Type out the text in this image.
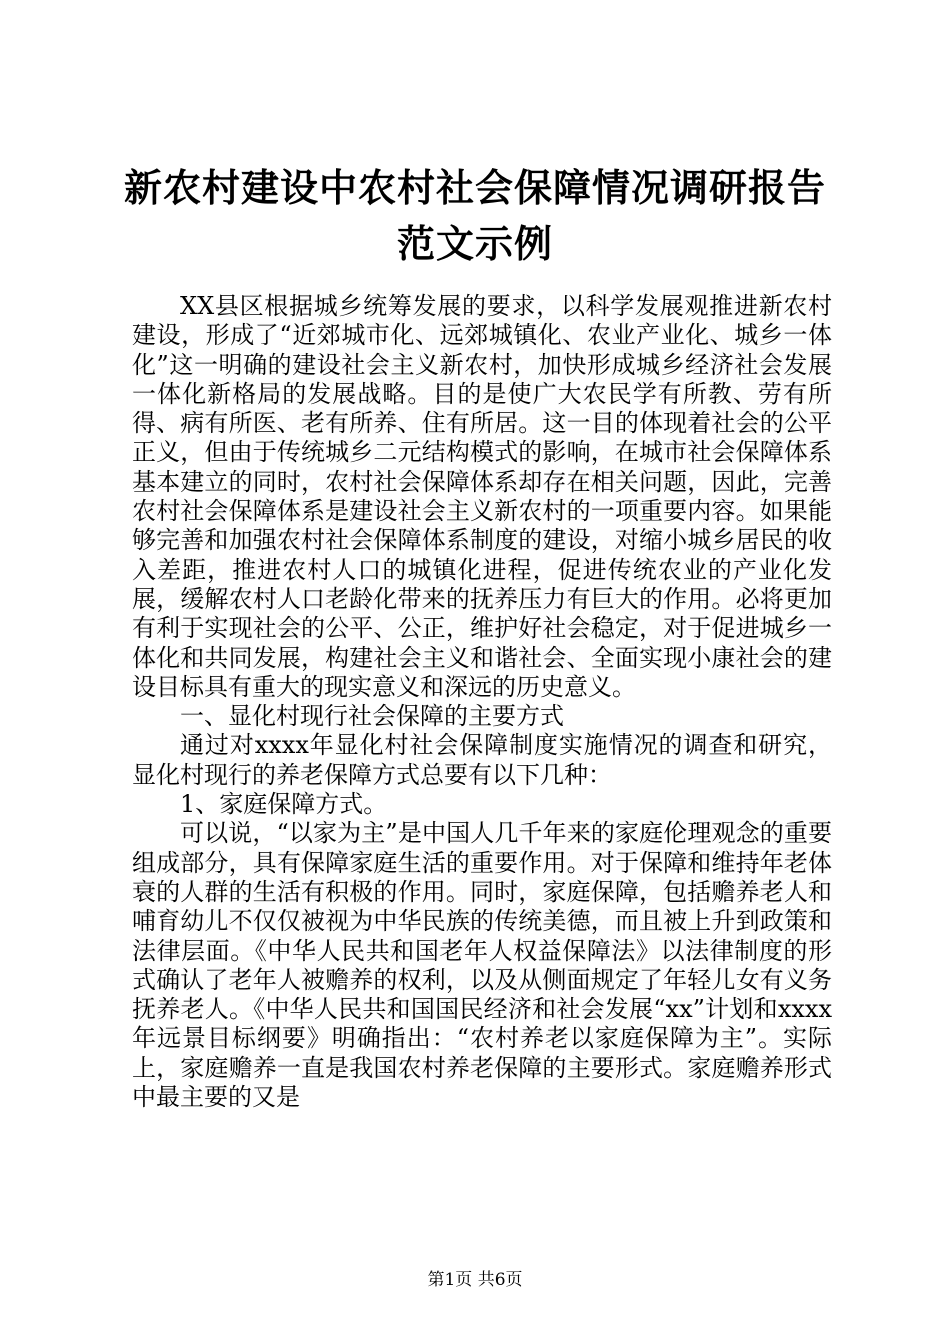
新农村建设中农村社会保障情况调研报告范文示例

XX县区根据城乡统筹发展的要求，以科学发展观推进新农村建设，形成了“近郊城市化、远郊城镇化、农业产业化、城乡一体化”这一明确的建设社会主义新农村，加快形成城乡经济社会发展一体化新格局的发展战略。目的是使广大农民学有所教、劳有所得、病有所医、老有所养、住有所居。这一目的体现着社会的公平正义，但由于传统城乡二元结构模式的影响，在城市社会保障体系基本建立的同时，农村社会保障体系却存在相关问题，因此，完善农村社会保障体系是建设社会主义新农村的一项重要内容。如果能够完善和加强农村社会保障体系制度的建设，对缩小城乡居民的收入差距，推进农村人口的城镇化进程，促进传统农业的产业化发展，缓解农村人口老龄化带来的抚养压力有巨大的作用。必将更加有利于实现社会的公平、公正，维护好社会稳定，对于促进城乡一体化和共同发展，构建社会主义和谐社会、全面实现小康社会的建设目标具有重大的现实意义和深远的历史意义。

一、显化村现行社会保障的主要方式

通过对xxxx年显化村社会保障制度实施情况的调查和研究，显化村现行的养老保障方式总要有以下几种：

1、家庭保障方式。

可以说，“以家为主”是中国人几千年来的家庭伦理观念的重要组成部分，具有保障家庭生活的重要作用。对于保障和维持年老体衰的人群的生活有积极的作用。同时，家庭保障，包括赡养老人和哺育幼儿不仅仅被视为中华民族的传统美德，而且被上升到政策和法律层面。《中华人民共和国老年人权益保障法》以法律制度的形式确认了老年人被赡养的权利，以及从侧面规定了年轻儿女有义务抚养老人。《中华人民共和国国民经济和社会发展“xx”计划和xxxx年远景目标纲要》明确指出：“农村养老以家庭保障为主”。实际上，家庭赡养一直是我国农村养老保障的主要形式。家庭赡养形式中最主要的又是

第1页 共6页
